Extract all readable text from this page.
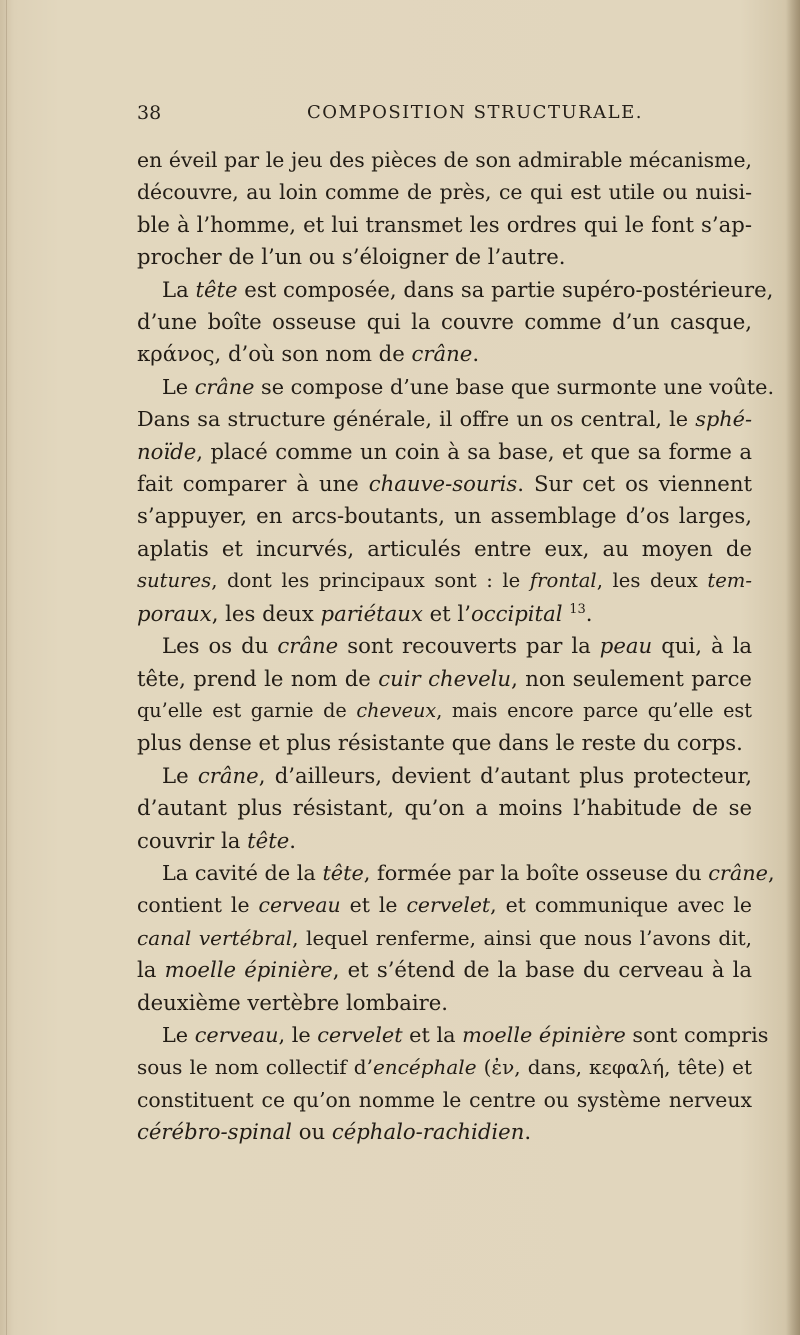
38	COMPOSITION STRUCTURALE.
en éveil par le jeu des pièces de son admirable mécanisme,
découvre, au loin comme de près, ce qui est utile ou nuisi-
ble à l’homme, et lui transmet les ordres qui le font s’ap-
procher de l’un ou s’éloigner de l’autre.
La tête est composée, dans sa partie supéro-postérieure,
d’une boîte osseuse qui la couvre comme d’un casque,
κράνος, d’où son nom de crâne.
Le crâne se compose d’une base que surmonte une voûte.
Dans sa structure générale, il offre un os central, le sphé-
noïde, placé comme un coin à sa base, et que sa forme a
fait comparer à une chauve-souris. Sur cet os viennent
s’appuyer, en arcs-boutants, un assemblage d’os larges,
aplatis et incurvés, articulés entre eux, au moyen de
sutures, dont les principaux sont : le frontal, les deux tem-
poraux, les deux pariétaux et l’occipital $^{13}$.
Les os du crâne sont recouverts par la peau qui, à la
tête, prend le nom de cuir chevelu, non seulement parce
qu’elle est garnie de cheveux, mais encore parce qu’elle est
plus dense et plus résistante que dans le reste du corps.
Le crâne, d’ailleurs, devient d’autant plus protecteur,
d’autant plus résistant, qu’on a moins l’habitude de se
couvrir la tête.
La cavité de la tête, formée par la boîte osseuse du crâne,
contient le cerveau et le cervelet, et communique avec le
canal vertébral, lequel renferme, ainsi que nous l’avons dit,
la moelle épinière, et s’étend de la base du cerveau à la
deuxième vertèbre lombaire.
Le cerveau, le cervelet et la moelle épinière sont compris
sous le nom collectif d’encéphale (ἐν, dans, κεφαλή, tête) et
constituent ce qu’on nomme le centre ou système nerveux
cérébro-spinal ou céphalo-rachidien.
